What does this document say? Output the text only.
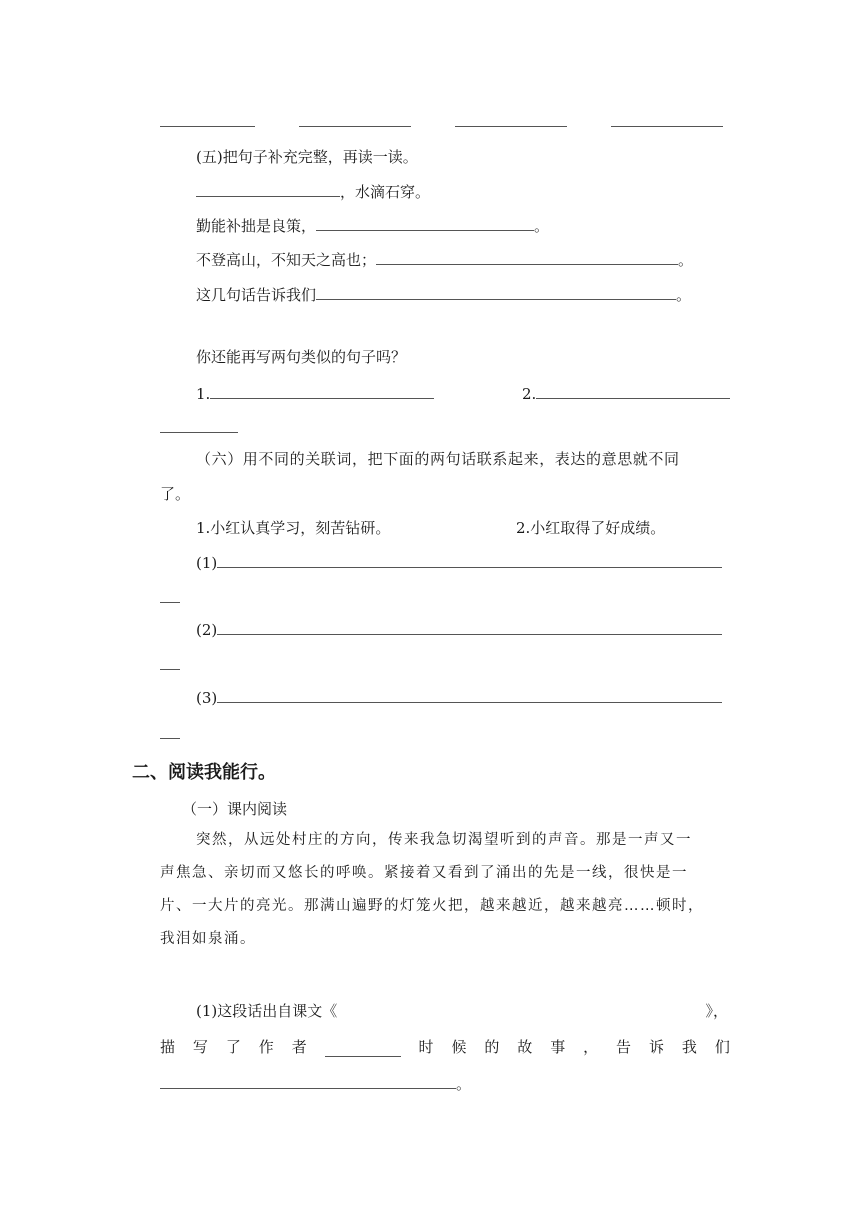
(五)把句子补充完整，再读一读。
，水滴石穿。
勤能补拙是良策，	。
不登高山，不知天之高也；	。
这几句话告诉我们	。
你还能再写两句类似的句子吗？
1.	2.
（六）用不同的关联词，把下面的两句话联系起来，表达的意思就不同
了。
1.小红认真学习，刻苦钻研。	2.小红取得了好成绩。
(1)
(2)
(3)
二、阅读我能行。
（一）课内阅读
突然，从远处村庄的方向，传来我急切渴望听到的声音。那是一声又一
声焦急、亲切而又悠长的呼唤。紧接着又看到了涌出的先是一线，很快是一
片、一大片的亮光。那满山遍野的灯笼火把，越来越近，越来越亮……顿时，
我泪如泉涌。
(1)这段话出自课文《	》，
描 写 了 作 者	时 候 的 故 事 ， 告 诉 我 们
。
